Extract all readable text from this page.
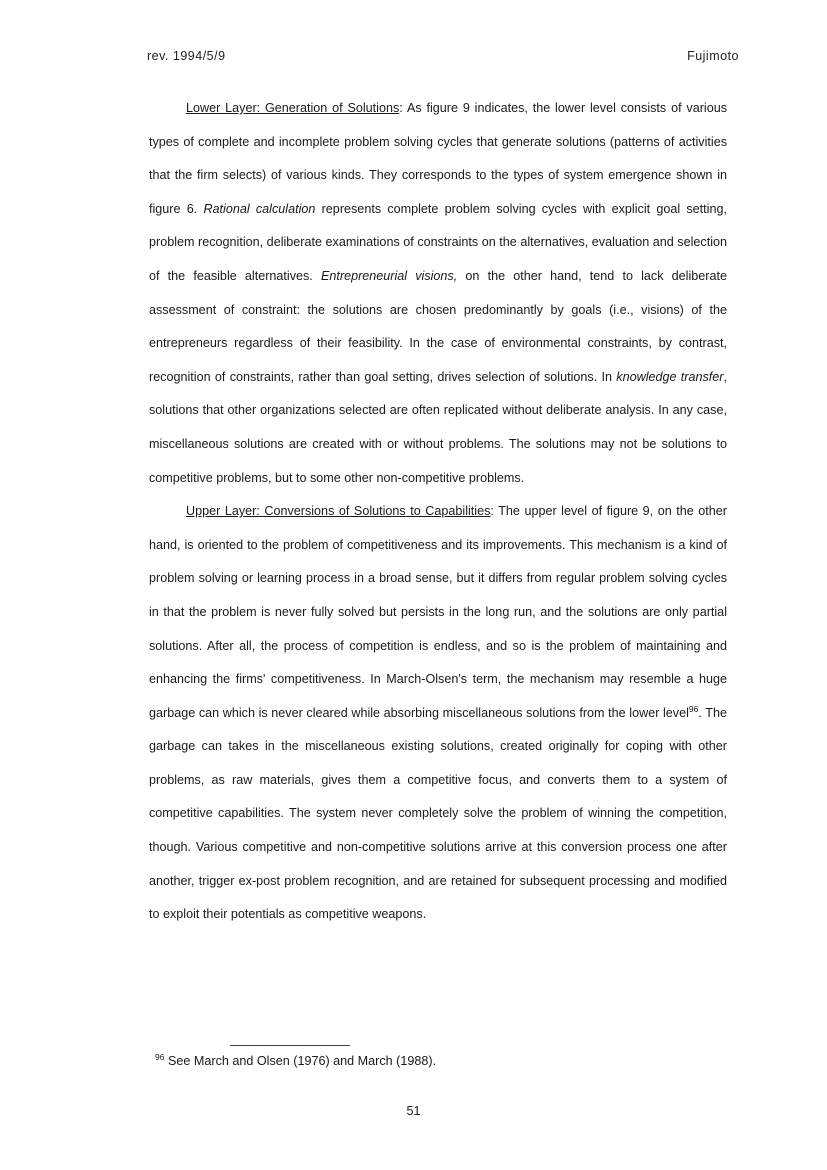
rev. 1994/5/9	Fujimoto

Lower Layer: Generation of Solutions: As figure 9 indicates, the lower level consists of various types of complete and incomplete problem solving cycles that generate solutions (patterns of activities that the firm selects) of various kinds. They corresponds to the types of system emergence shown in figure 6. Rational calculation represents complete problem solving cycles with explicit goal setting, problem recognition, deliberate examinations of constraints on the alternatives, evaluation and selection of the feasible alternatives. Entrepreneurial visions, on the other hand, tend to lack deliberate assessment of constraint: the solutions are chosen predominantly by goals (i.e., visions) of the entrepreneurs regardless of their feasibility. In the case of environmental constraints, by contrast, recognition of constraints, rather than goal setting, drives selection of solutions. In knowledge transfer, solutions that other organizations selected are often replicated without deliberate analysis. In any case, miscellaneous solutions are created with or without problems. The solutions may not be solutions to competitive problems, but to some other non-competitive problems.

Upper Layer: Conversions of Solutions to Capabilities: The upper level of figure 9, on the other hand, is oriented to the problem of competitiveness and its improvements. This mechanism is a kind of problem solving or learning process in a broad sense, but it differs from regular problem solving cycles in that the problem is never fully solved but persists in the long run, and the solutions are only partial solutions. After all, the process of competition is endless, and so is the problem of maintaining and enhancing the firms' competitiveness. In March-Olsen's term, the mechanism may resemble a huge garbage can which is never cleared while absorbing miscellaneous solutions from the lower level$^{96}$. The garbage can takes in the miscellaneous existing solutions, created originally for coping with other problems, as raw materials, gives them a competitive focus, and converts them to a system of competitive capabilities. The system never completely solve the problem of winning the competition, though. Various competitive and non-competitive solutions arrive at this conversion process one after another, trigger ex-post problem recognition, and are retained for subsequent processing and modified to exploit their potentials as competitive weapons.

$^{96}$ See March and Olsen (1976) and March (1988).
51
